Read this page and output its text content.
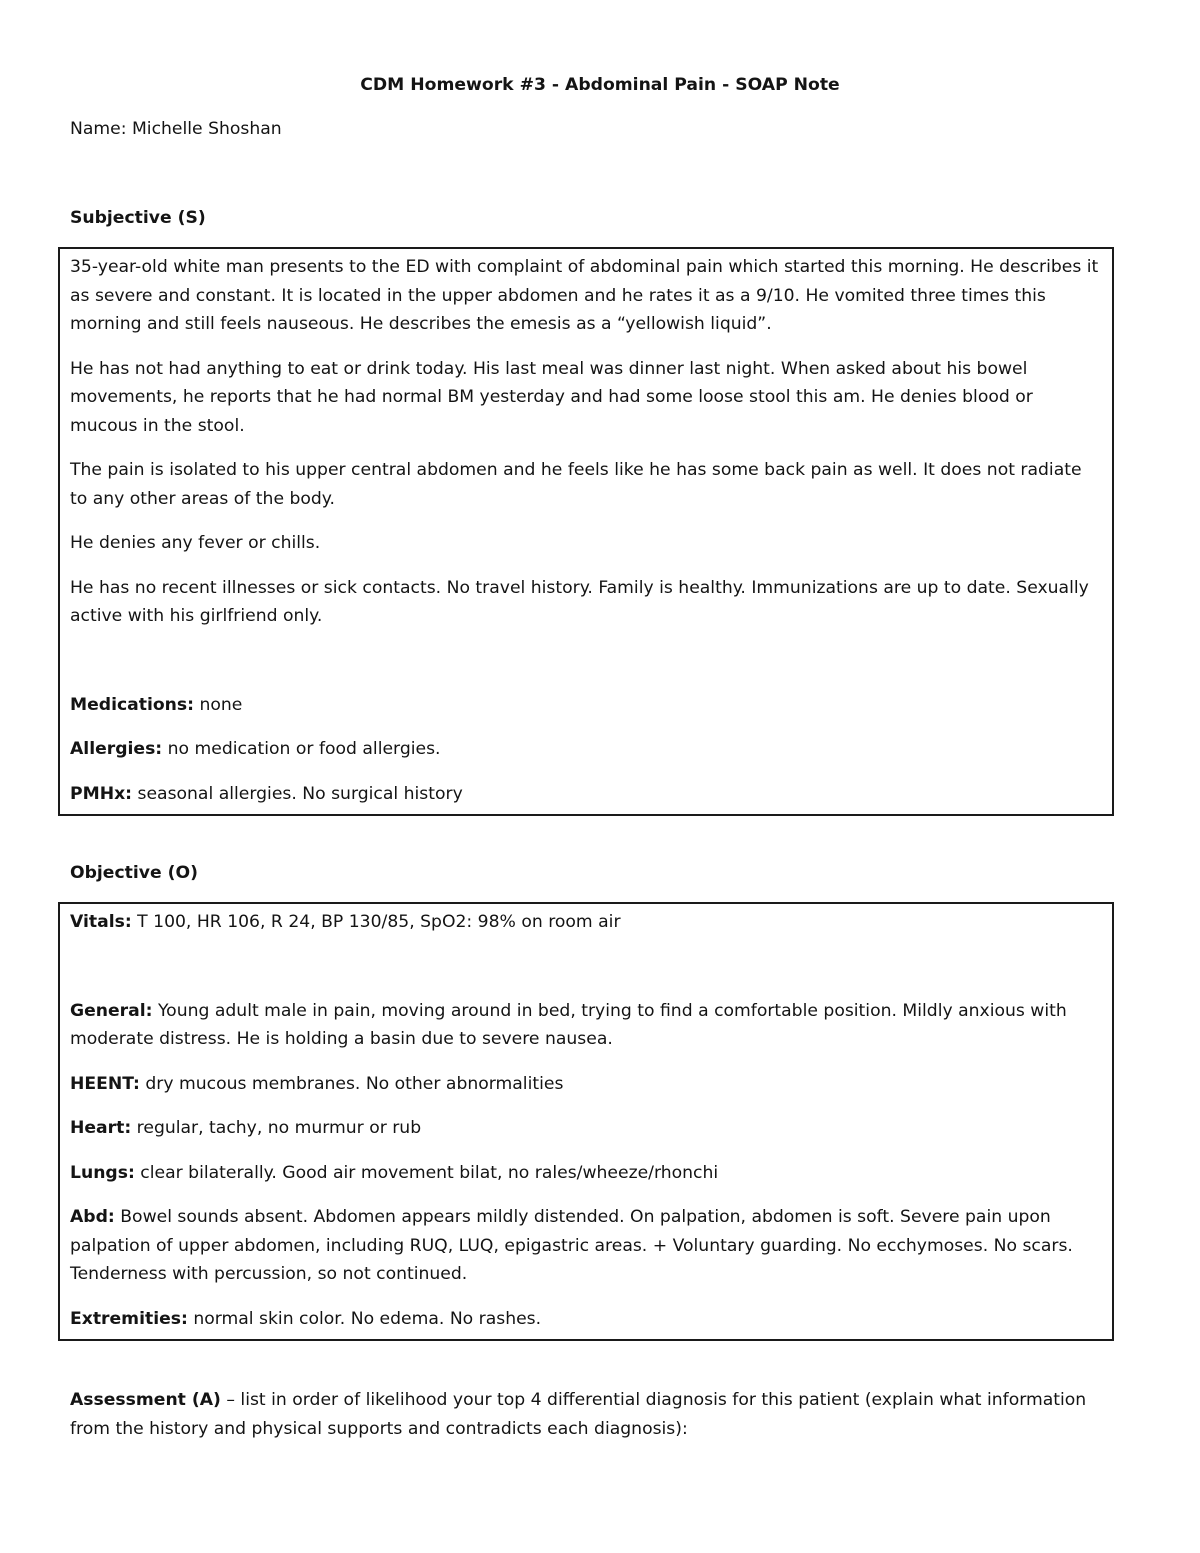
CDM Homework #3 - Abdominal Pain - SOAP Note
Name: Michelle Shoshan
Subjective (S)

35-year-old white man presents to the ED with complaint of abdominal pain which started this morning. He describes it as severe and constant. It is located in the upper abdomen and he rates it as a 9/10. He vomited three times this morning and still feels nauseous. He describes the emesis as a “yellowish liquid”.

He has not had anything to eat or drink today. His last meal was dinner last night. When asked about his bowel movements, he reports that he had normal BM yesterday and had some loose stool this am. He denies blood or mucous in the stool.

The pain is isolated to his upper central abdomen and he feels like he has some back pain as well. It does not radiate to any other areas of the body.

He denies any fever or chills.

He has no recent illnesses or sick contacts. No travel history. Family is healthy. Immunizations are up to date. Sexually active with his girlfriend only.

Medications: none

Allergies: no medication or food allergies.

PMHx: seasonal allergies. No surgical history

Objective (O)

Vitals: T 100, HR 106, R 24, BP 130/85, SpO2: 98% on room air

General: Young adult male in pain, moving around in bed, trying to find a comfortable position. Mildly anxious with moderate distress. He is holding a basin due to severe nausea.

HEENT: dry mucous membranes. No other abnormalities

Heart: regular, tachy, no murmur or rub

Lungs: clear bilaterally. Good air movement bilat, no rales/wheeze/rhonchi

Abd: Bowel sounds absent. Abdomen appears mildly distended. On palpation, abdomen is soft. Severe pain upon palpation of upper abdomen, including RUQ, LUQ, epigastric areas. + Voluntary guarding. No ecchymoses. No scars. Tenderness with percussion, so not continued.

Extremities: normal skin color. No edema. No rashes.

Assessment (A) – list in order of likelihood your top 4 differential diagnosis for this patient (explain what information from the history and physical supports and contradicts each diagnosis):
